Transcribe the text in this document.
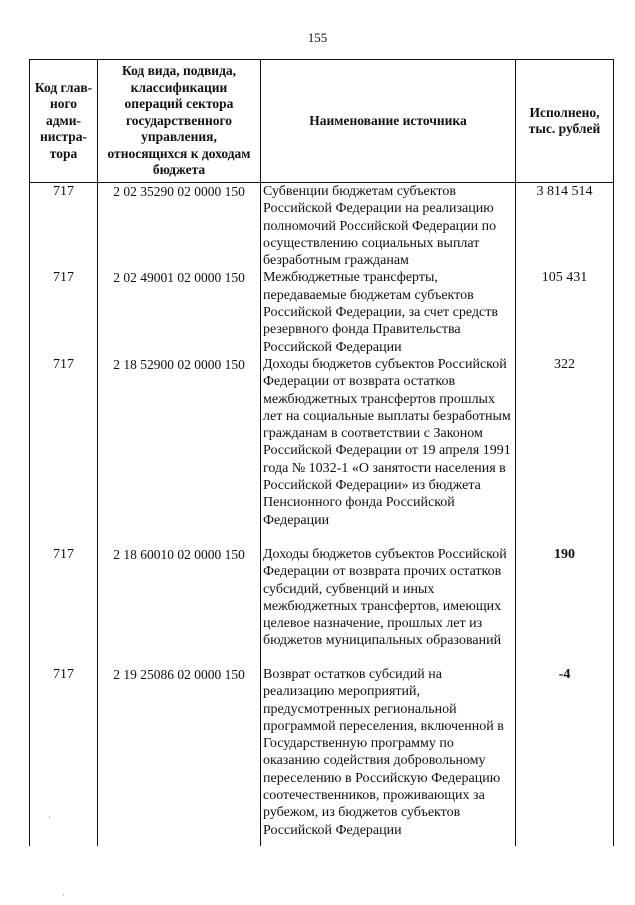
155
Код глав-ного адми-нистра-тора	Код вида, подвида, классификации операций сектора государственного управления, относящихся к доходам бюджета	Наименование источника	Исполнено, тыс. рублей
717	2 02 35290 02 0000 150	Субвенции бюджетам субъектов Российской Федерации на реализацию полномочий Российской Федерации по осуществлению социальных выплат безработным гражданам	3 814 514
717	2 02 49001 02 0000 150	Межбюджетные трансферты, передаваемые бюджетам субъектов Российской Федерации, за счет средств резервного фонда Правительства Российской Федерации	105 431
717	2 18 52900 02 0000 150	Доходы бюджетов субъектов Российской Федерации от возврата остатков межбюджетных трансфертов прошлых лет на социальные выплаты безработным гражданам в соответствии с Законом Российской Федерации от 19 апреля 1991 года № 1032-1 «О занятости населения в Российской Федерации» из бюджета Пенсионного фонда Российской Федерации	322
717	2 18 60010 02 0000 150	Доходы бюджетов субъектов Российской Федерации от возврата прочих остатков субсидий, субвенций и иных межбюджетных трансфертов, имеющих целевое назначение, прошлых лет из бюджетов муниципальных образований	190
717	2 19 25086 02 0000 150	Возврат остатков субсидий на реализацию мероприятий, предусмотренных региональной программой переселения, включенной в Государственную программу по оказанию содействия добровольному переселению в Российскую Федерацию соотечественников, проживающих за рубежом, из бюджетов субъектов Российской Федерации	-4
·
·
